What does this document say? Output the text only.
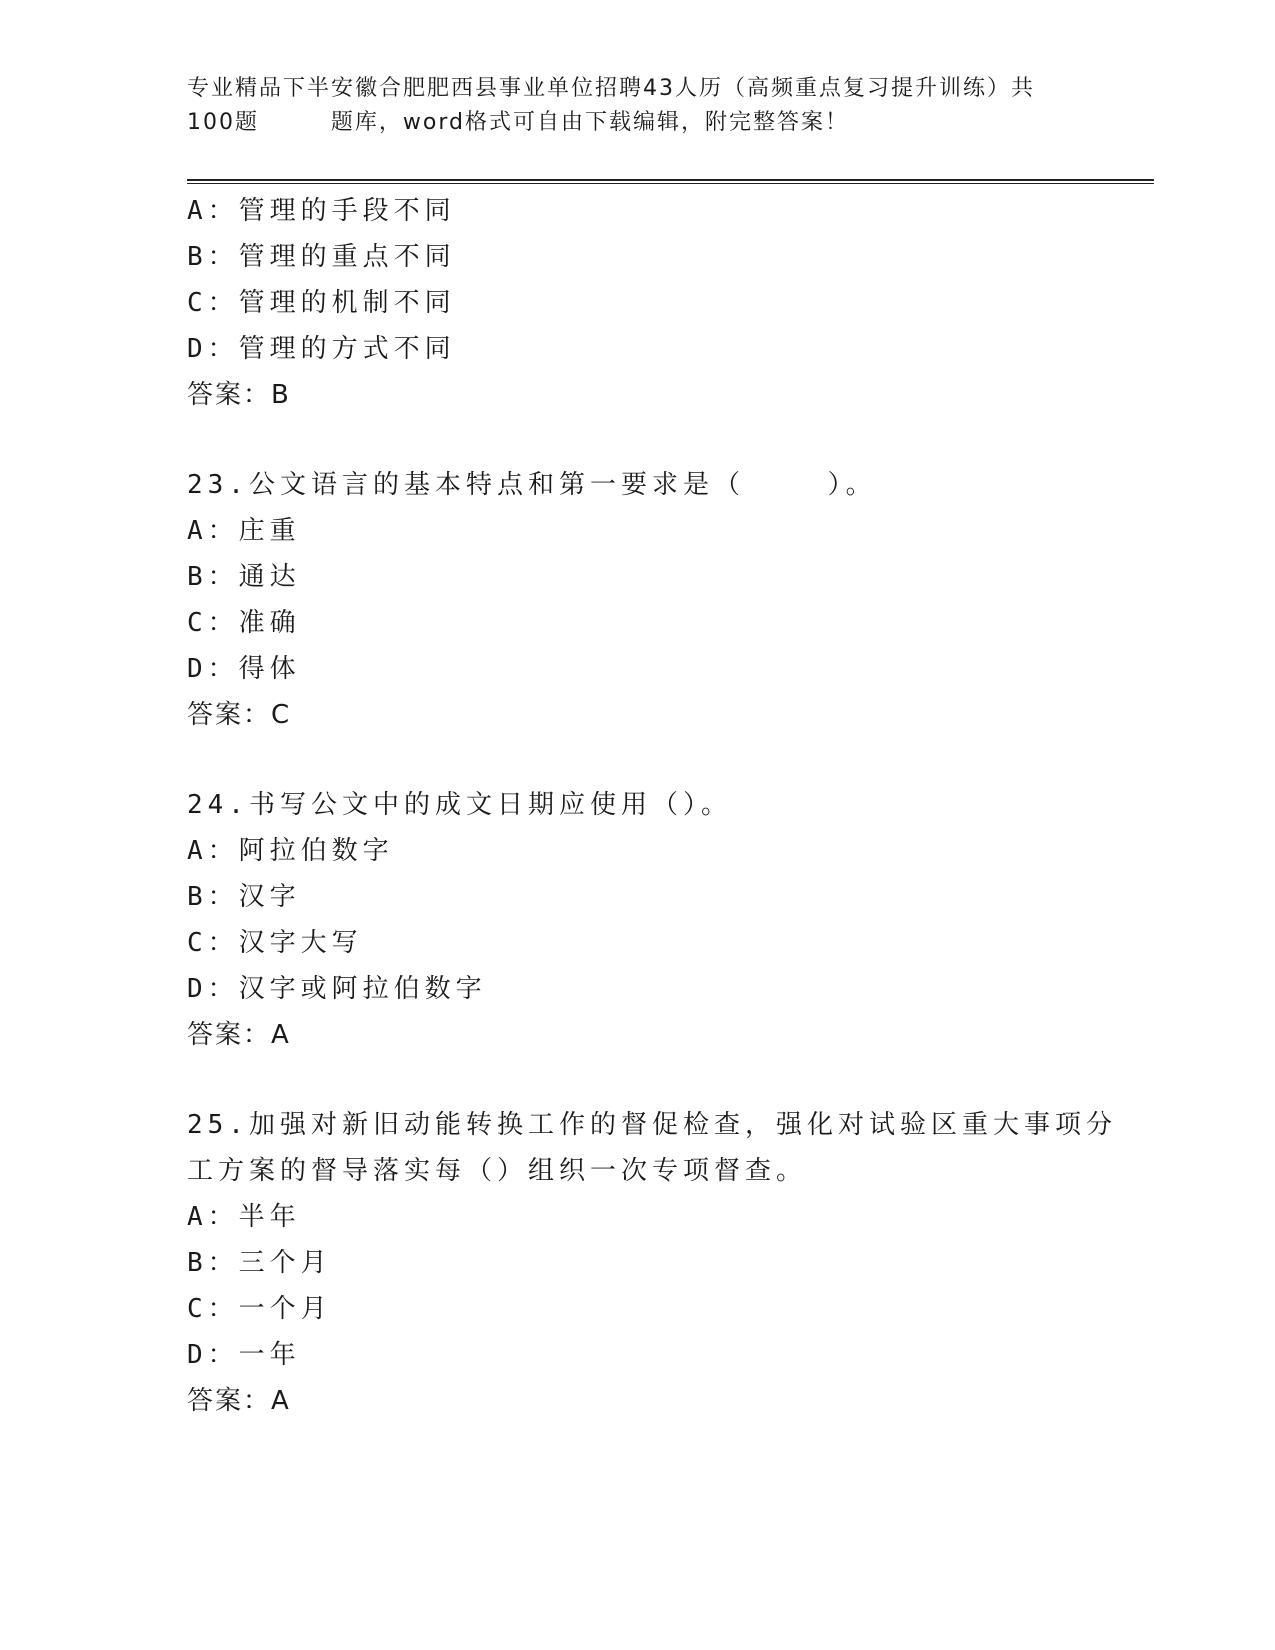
专业精品下半安徽合肥肥西县事业单位招聘43人历（高频重点复习提升训练）共
100题        题库，word格式可自由下载编辑，附完整答案！
A：管理的手段不同
B：管理的重点不同
C：管理的机制不同
D：管理的方式不同
答案：B
23.公文语言的基本特点和第一要求是（    ）。
A：庄重
B：通达
C：准确
D：得体
答案：C
24.书写公文中的成文日期应使用（）。
A：阿拉伯数字
B：汉字
C：汉字大写
D：汉字或阿拉伯数字
答案：A
25.加强对新旧动能转换工作的督促检查，强化对试验区重大事项分工方案的督导落实每（）组织一次专项督查。
A：半年
B：三个月
C：一个月
D：一年
答案：A
